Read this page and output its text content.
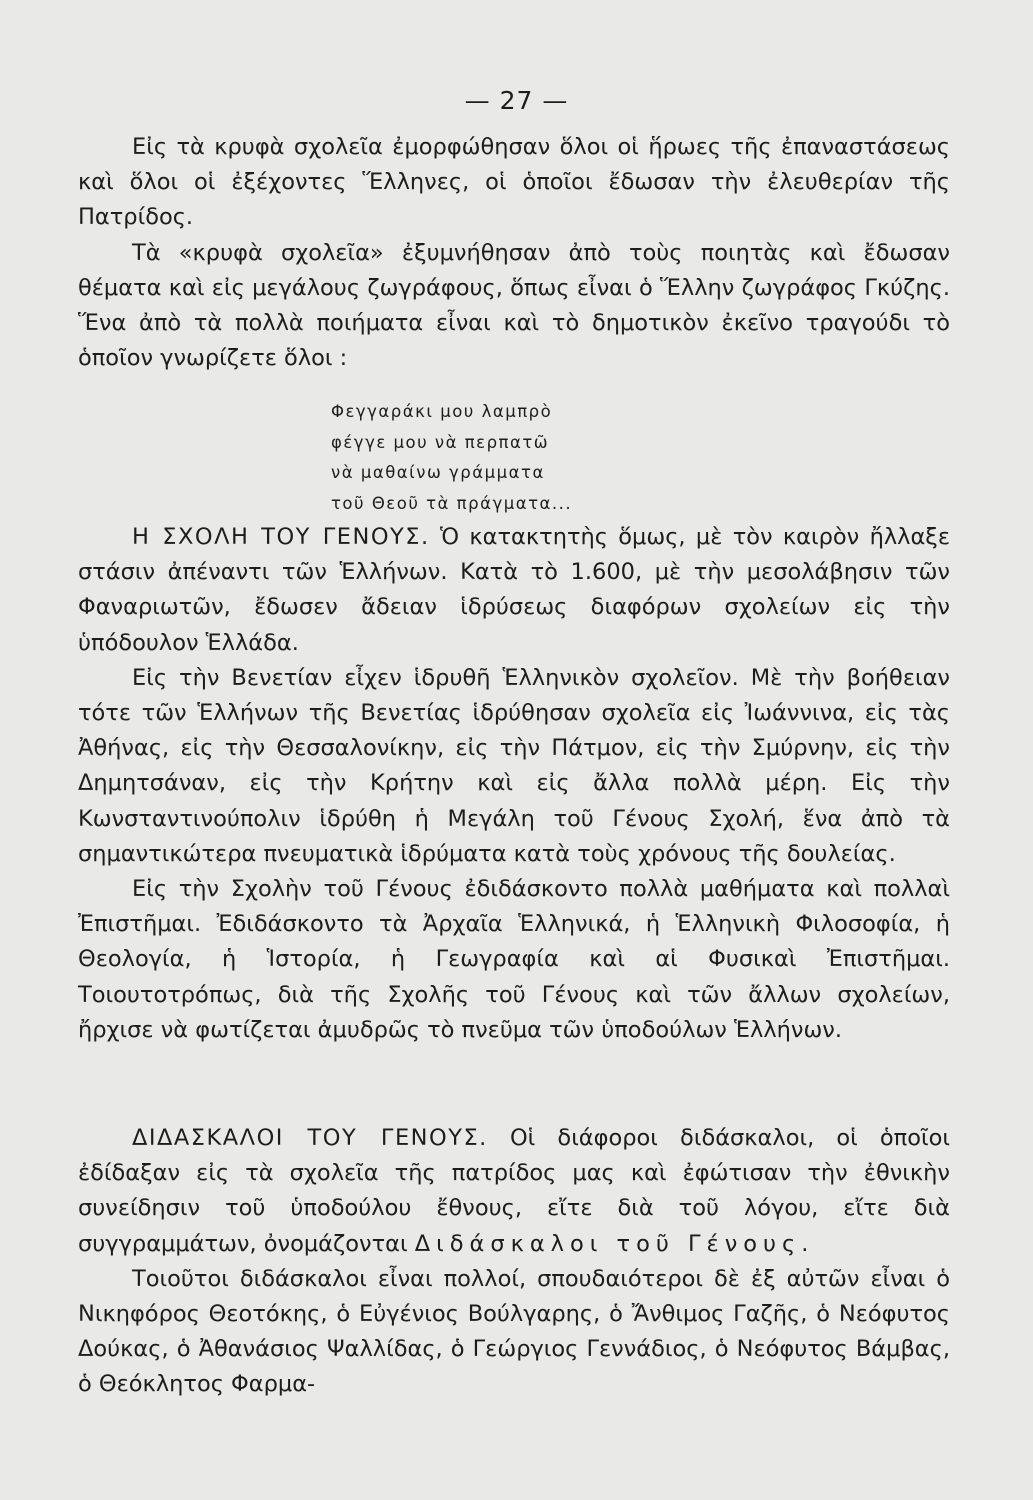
— 27 —

Εἰς τὰ κρυφὰ σχολεῖα ἐμορφώθησαν ὅλοι οἱ ἥρωες τῆς ἐπαναστάσεως καὶ ὅλοι οἱ ἐξέχοντες Ἕλληνες, οἱ ὁποῖοι ἔδωσαν τὴν ἐλευθερίαν τῆς Πατρίδος.

Τὰ «κρυφὰ σχολεῖα» ἐξυμνήθησαν ἀπὸ τοὺς ποιητὰς καὶ ἔδωσαν θέματα καὶ εἰς μεγάλους ζωγράφους, ὅπως εἶναι ὁ Ἕλλην ζωγράφος Γκύζης. Ἕνα ἀπὸ τὰ πολλὰ ποιήματα εἶναι καὶ τὸ δημοτικὸν ἐκεῖνο τραγούδι τὸ ὁποῖον γνωρίζετε ὅλοι :

Φεγγαράκι μου λαμπρὸ
φέγγε μου νὰ περπατῶ
νὰ μαθαίνω γράμματα
τοῦ Θεοῦ τὰ πράγματα...

Η ΣΧΟΛΗ ΤΟΥ ΓΕΝΟΥΣ. Ὁ κατακτητὴς ὅμως, μὲ τὸν καιρὸν ἤλλαξε στάσιν ἀπέναντι τῶν Ἑλλήνων. Κατὰ τὸ 1.600, μὲ τὴν μεσολάβησιν τῶν Φαναριωτῶν, ἔδωσεν ἄδειαν ἱδρύσεως διαφόρων σχολείων εἰς τὴν ὑπόδουλον Ἑλλάδα.

Εἰς τὴν Βενετίαν εἶχεν ἱδρυθῆ Ἑλληνικὸν σχολεῖον. Μὲ τὴν βοήθειαν τότε τῶν Ἑλλήνων τῆς Βενετίας ἱδρύθησαν σχολεῖα εἰς Ἰωάννινα, εἰς τὰς Ἀθήνας, εἰς τὴν Θεσσαλονίκην, εἰς τὴν Πάτμον, εἰς τὴν Σμύρνην, εἰς τὴν Δημητσάναν, εἰς τὴν Κρήτην καὶ εἰς ἄλλα πολλὰ μέρη. Εἰς τὴν Κωνσταντινούπολιν ἱδρύθη ἡ Μεγάλη τοῦ Γένους Σχολή, ἕνα ἀπὸ τὰ σημαντικώτερα πνευματικὰ ἱδρύματα κατὰ τοὺς χρόνους τῆς δουλείας.

Εἰς τὴν Σχολὴν τοῦ Γένους ἐδιδάσκοντο πολλὰ μαθήματα καὶ πολλαὶ Ἐπιστῆμαι. Ἐδιδάσκοντο τὰ Ἀρχαῖα Ἑλληνικά, ἡ Ἑλληνικὴ Φιλοσοφία, ἡ Θεολογία, ἡ Ἱστορία, ἡ Γεωγραφία καὶ αἱ Φυσικαὶ Ἐπιστῆμαι. Τοιουτοτρόπως, διὰ τῆς Σχολῆς τοῦ Γένους καὶ τῶν ἄλλων σχολείων, ἤρχισε νὰ φωτίζεται ἀμυδρῶς τὸ πνεῦμα τῶν ὑποδούλων Ἑλλήνων.

ΔΙΔΑΣΚΑΛΟΙ ΤΟΥ ΓΕΝΟΥΣ. Οἱ διάφοροι διδάσκαλοι, οἱ ὁποῖοι ἐδίδαξαν εἰς τὰ σχολεῖα τῆς πατρίδος μας καὶ ἐφώτισαν τὴν ἐθνικὴν συνείδησιν τοῦ ὑποδούλου ἔθνους, εἴτε διὰ τοῦ λόγου, εἴτε διὰ συγγραμμάτων, ὀνομάζονται Διδάσκαλοι τοῦ Γένους.

Τοιοῦτοι διδάσκαλοι εἶναι πολλοί, σπουδαιότεροι δὲ ἐξ αὐτῶν εἶναι ὁ Νικηφόρος Θεοτόκης, ὁ Εὐγένιος Βούλγαρης, ὁ Ἄνθιμος Γαζῆς, ὁ Νεόφυτος Δούκας, ὁ Ἀθανάσιος Ψαλλίδας, ὁ Γεώργιος Γεννάδιος, ὁ Νεόφυτος Βάμβας, ὁ Θεόκλητος Φαρμα-
